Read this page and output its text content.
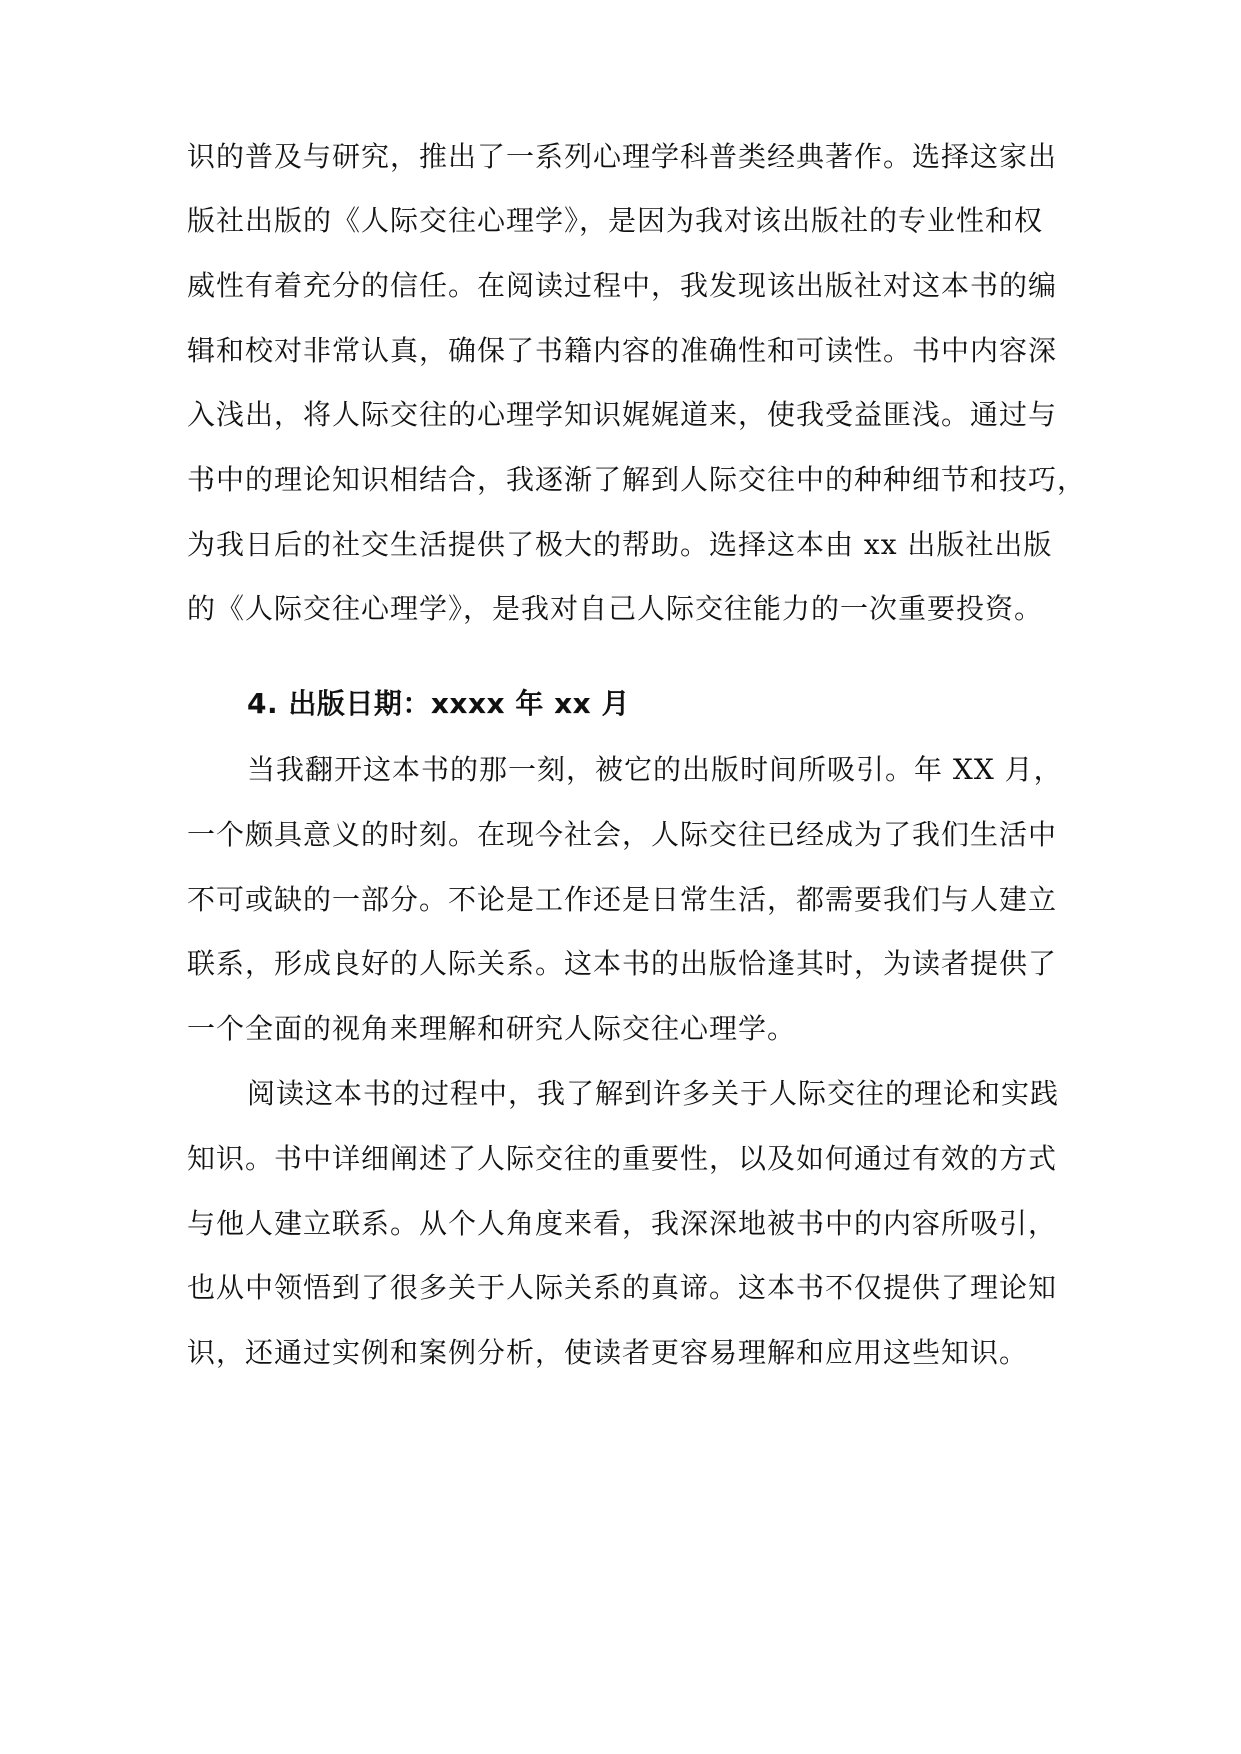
识的普及与研究，推出了一系列心理学科普类经典著作。选择这家出
版社出版的《人际交往心理学》，是因为我对该出版社的专业性和权
威性有着充分的信任。在阅读过程中，我发现该出版社对这本书的编
辑和校对非常认真，确保了书籍内容的准确性和可读性。书中内容深
入浅出，将人际交往的心理学知识娓娓道来，使我受益匪浅。通过与
书中的理论知识相结合，我逐渐了解到人际交往中的种种细节和技巧，
为我日后的社交生活提供了极大的帮助。选择这本由 xx 出版社出版
的《人际交往心理学》，是我对自己人际交往能力的一次重要投资。
4. 出版日期：xxxx 年 xx 月
当我翻开这本书的那一刻，被它的出版时间所吸引。年 XX 月，
一个颇具意义的时刻。在现今社会，人际交往已经成为了我们生活中
不可或缺的一部分。不论是工作还是日常生活，都需要我们与人建立
联系，形成良好的人际关系。这本书的出版恰逢其时，为读者提供了
一个全面的视角来理解和研究人际交往心理学。
阅读这本书的过程中，我了解到许多关于人际交往的理论和实践
知识。书中详细阐述了人际交往的重要性，以及如何通过有效的方式
与他人建立联系。从个人角度来看，我深深地被书中的内容所吸引，
也从中领悟到了很多关于人际关系的真谛。这本书不仅提供了理论知
识，还通过实例和案例分析，使读者更容易理解和应用这些知识。
